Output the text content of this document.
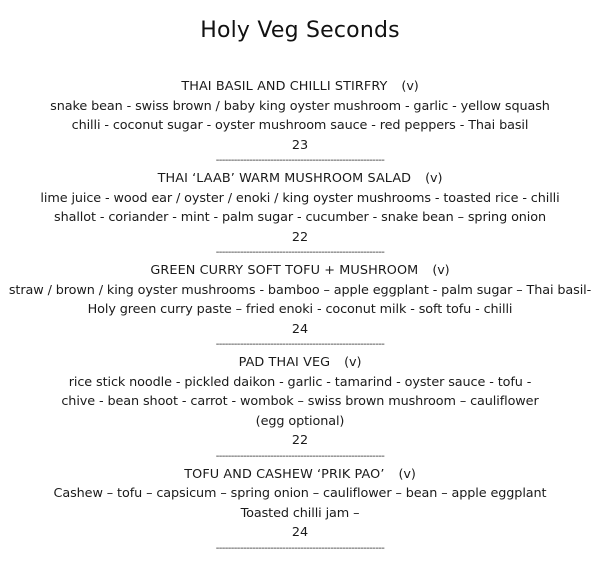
Holy Veg Seconds
THAI BASIL AND CHILLI STIRFRY (v)
snake bean - swiss brown / baby king oyster mushroom - garlic - yellow squash
chilli - coconut sugar - oyster mushroom sauce - red peppers - Thai basil
23
--------------------------------------------------------
THAI ‘LAAB’ WARM MUSHROOM SALAD (v)
lime juice - wood ear / oyster / enoki / king oyster mushrooms - toasted rice - chilli
shallot - coriander - mint - palm sugar - cucumber - snake bean – spring onion
22
--------------------------------------------------------
GREEN CURRY SOFT TOFU + MUSHROOM (v)
straw / brown / king oyster mushrooms - bamboo – apple eggplant - palm sugar – Thai basil-
Holy green curry paste – fried enoki - coconut milk - soft tofu - chilli
24
--------------------------------------------------------
PAD THAI VEG (v)
rice stick noodle - pickled daikon - garlic - tamarind - oyster sauce - tofu -
chive - bean shoot - carrot - wombok – swiss brown mushroom – cauliflower
(egg optional)
22
--------------------------------------------------------
TOFU AND CASHEW ‘PRIK PAO’ (v)
Cashew – tofu – capsicum – spring onion – cauliflower – bean – apple eggplant
Toasted chilli jam –
24
--------------------------------------------------------
